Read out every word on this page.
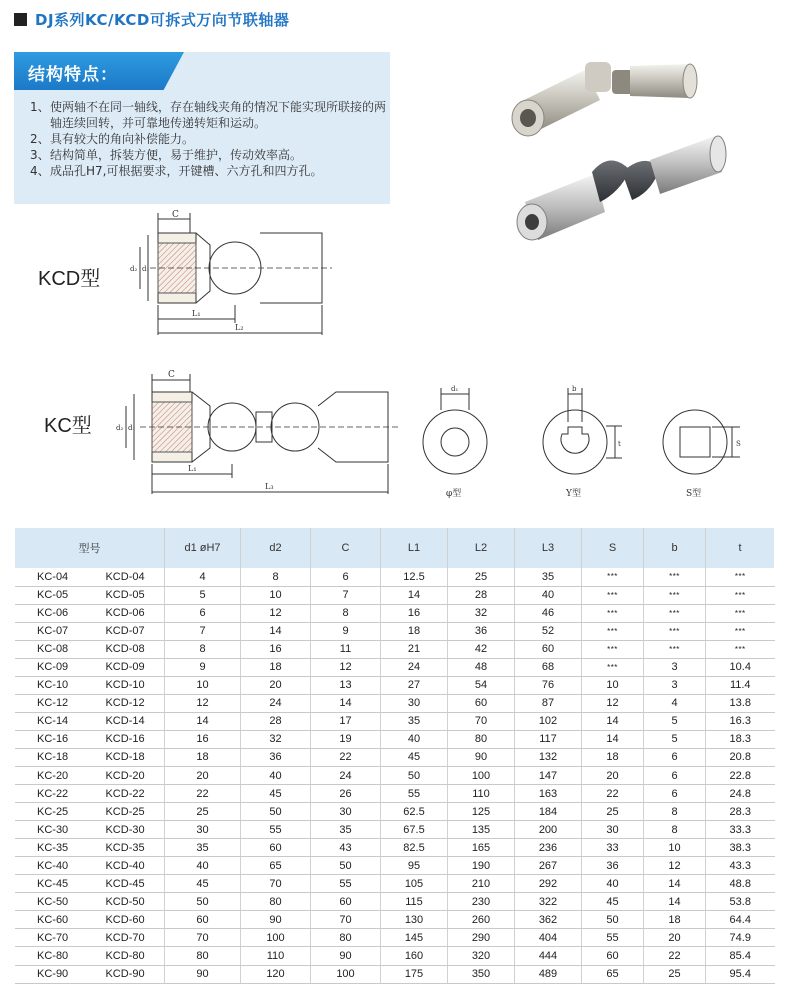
DJ系列KC/KCD可拆式万向节联轴器
结构特点：
1、 使两轴不在同一轴线，存在轴线夹角的情况下能实现所联接的两轴连续回转，并可靠地传递转矩和运动。
2、 具有较大的角向补偿能力。
3、 结构简单，拆装方便，易于维护，传动效率高。
4、 成品孔H7,可根据要求，开键槽、六方孔和四方孔。
KCD型
C
d₂ d₁
L₁
L₂
KC型
C
d₂ d₁
L₁
L₃
d₁	b
t	S
φ型	Y型	S型
型号		d1 øH7	d2	C	L1	L2	L3	S	b	t
KC-04	KCD-04	4	8	6	12.5	25	35	***	***	***
KC-05	KCD-05	5	10	7	14	28	40	***	***	***
KC-06	KCD-06	6	12	8	16	32	46	***	***	***
KC-07	KCD-07	7	14	9	18	36	52	***	***	***
KC-08	KCD-08	8	16	11	21	42	60	***	***	***
KC-09	KCD-09	9	18	12	24	48	68	***	3	10.4
KC-10	KCD-10	10	20	13	27	54	76	10	3	11.4
KC-12	KCD-12	12	24	14	30	60	87	12	4	13.8
KC-14	KCD-14	14	28	17	35	70	102	14	5	16.3
KC-16	KCD-16	16	32	19	40	80	117	14	5	18.3
KC-18	KCD-18	18	36	22	45	90	132	18	6	20.8
KC-20	KCD-20	20	40	24	50	100	147	20	6	22.8
KC-22	KCD-22	22	45	26	55	110	163	22	6	24.8
KC-25	KCD-25	25	50	30	62.5	125	184	25	8	28.3
KC-30	KCD-30	30	55	35	67.5	135	200	30	8	33.3
KC-35	KCD-35	35	60	43	82.5	165	236	33	10	38.3
KC-40	KCD-40	40	65	50	95	190	267	36	12	43.3
KC-45	KCD-45	45	70	55	105	210	292	40	14	48.8
KC-50	KCD-50	50	80	60	115	230	322	45	14	53.8
KC-60	KCD-60	60	90	70	130	260	362	50	18	64.4
KC-70	KCD-70	70	100	80	145	290	404	55	20	74.9
KC-80	KCD-80	80	110	90	160	320	444	60	22	85.4
KC-90	KCD-90	90	120	100	175	350	489	65	25	95.4
